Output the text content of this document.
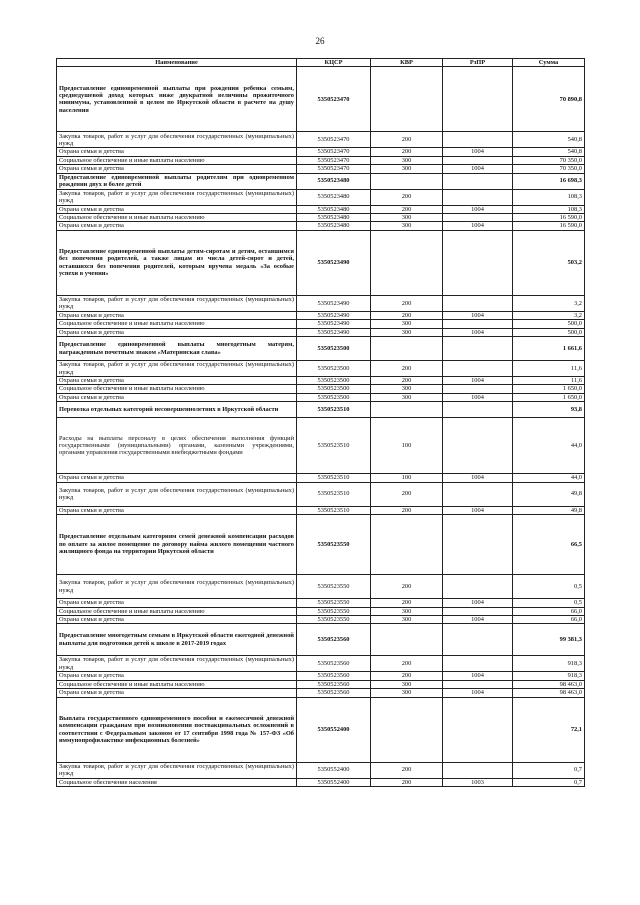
26
Наименование	КЦСР	КВР	РзПР	Сумма
Предоставление единовременной выплаты при рождении ребенка семьям, среднедушевой доход которых ниже двукратной величины прожиточного минимума, установленной в целом по Иркутской области в расчете на душу населения	5350523470			70 890,8
Закупка товаров, работ и услуг для обеспечения государственных (муниципальных) нужд	5350523470	200		540,8
Охрана семьи и детства	5350523470	200	1004	540,8
Социальное обеспечение и иные выплаты населению	5350523470	300		70 350,0
Охрана семьи и детства	5350523470	300	1004	70 350,0
Предоставление единовременной выплаты родителям при одновременном рождении двух и более детей	5350523480			16 698,3
Закупка товаров, работ и услуг для обеспечения государственных (муниципальных) нужд	5350523480	200		108,3
Охрана семьи и детства	5350523480	200	1004	108,3
Социальное обеспечение и иные выплаты населению	5350523480	300		16 590,0
Охрана семьи и детства	5350523480	300	1004	16 590,0
Предоставление единовременной выплаты детям-сиротам и детям, оставшимся без попечения родителей, а также лицам из числа детей-сирот и детей, оставшихся без попечения родителей, которым вручена медаль «За особые успехи в учении»	5350523490			503,2
Закупка товаров, работ и услуг для обеспечения государственных (муниципальных) нужд	5350523490	200		3,2
Охрана семьи и детства	5350523490	200	1004	3,2
Социальное обеспечение и иные выплаты населению	5350523490	300		500,0
Охрана семьи и детства	5350523490	300	1004	500,0
Предоставление единовременной выплаты многодетным матерям, награжденным почетным знаком «Материнская слава»	5350523500			1 661,6
Закупка товаров, работ и услуг для обеспечения государственных (муниципальных) нужд	5350523500	200		11,6
Охрана семьи и детства	5350523500	200	1004	11,6
Социальное обеспечение и иные выплаты населению	5350523500	300		1 650,0
Охрана семьи и детства	5350523500	300	1004	1 650,0
Перевозка отдельных категорий несовершеннолетних в Иркутской области	5350523510			93,8
Расходы на выплаты персоналу в целях обеспечения выполнения функций государственными (муниципальными) органами, казенными учреждениями, органами управления государственными внебюджетными фондами	5350523510	100		44,0
Охрана семьи и детства	5350523510	100	1004	44,0
Закупка товаров, работ и услуг для обеспечения государственных (муниципальных) нужд	5350523510	200		49,8
Охрана семьи и детства	5350523510	200	1004	49,8
Предоставление отдельным категориям семей денежной компенсации расходов по оплате за жилое помещение по договору найма жилого помещения частного жилищного фонда на территории Иркутской области	5350523550			66,5
Закупка товаров, работ и услуг для обеспечения государственных (муниципальных) нужд	5350523550	200		0,5
Охрана семьи и детства	5350523550	200	1004	0,5
Социальное обеспечение и иные выплаты населению	5350523550	300		66,0
Охрана семьи и детства	5350523550	300	1004	66,0
Предоставление многодетным семьям в Иркутской области ежегодной денежной выплаты для подготовки детей к школе в 2017-2019 годах	5350523560			99 381,3
Закупка товаров, работ и услуг для обеспечения государственных (муниципальных) нужд	5350523560	200		918,3
Охрана семьи и детства	5350523560	200	1004	918,3
Социальное обеспечение и иные выплаты населению	5350523560	300		98 463,0
Охрана семьи и детства	5350523560	300	1004	98 463,0
Выплата государственного единовременного пособия и ежемесячной денежной компенсации гражданам при возникновении поствакцинальных осложнений в соответствии с Федеральным законом от 17 сентября 1998 года № 157-ФЗ «Об иммунопрофилактике инфекционных болезней»	5350552400			72,1
Закупка товаров, работ и услуг для обеспечения государственных (муниципальных) нужд	5350552400	200		0,7
Социальное обеспечение населения	5350552400	200	1003	0,7
